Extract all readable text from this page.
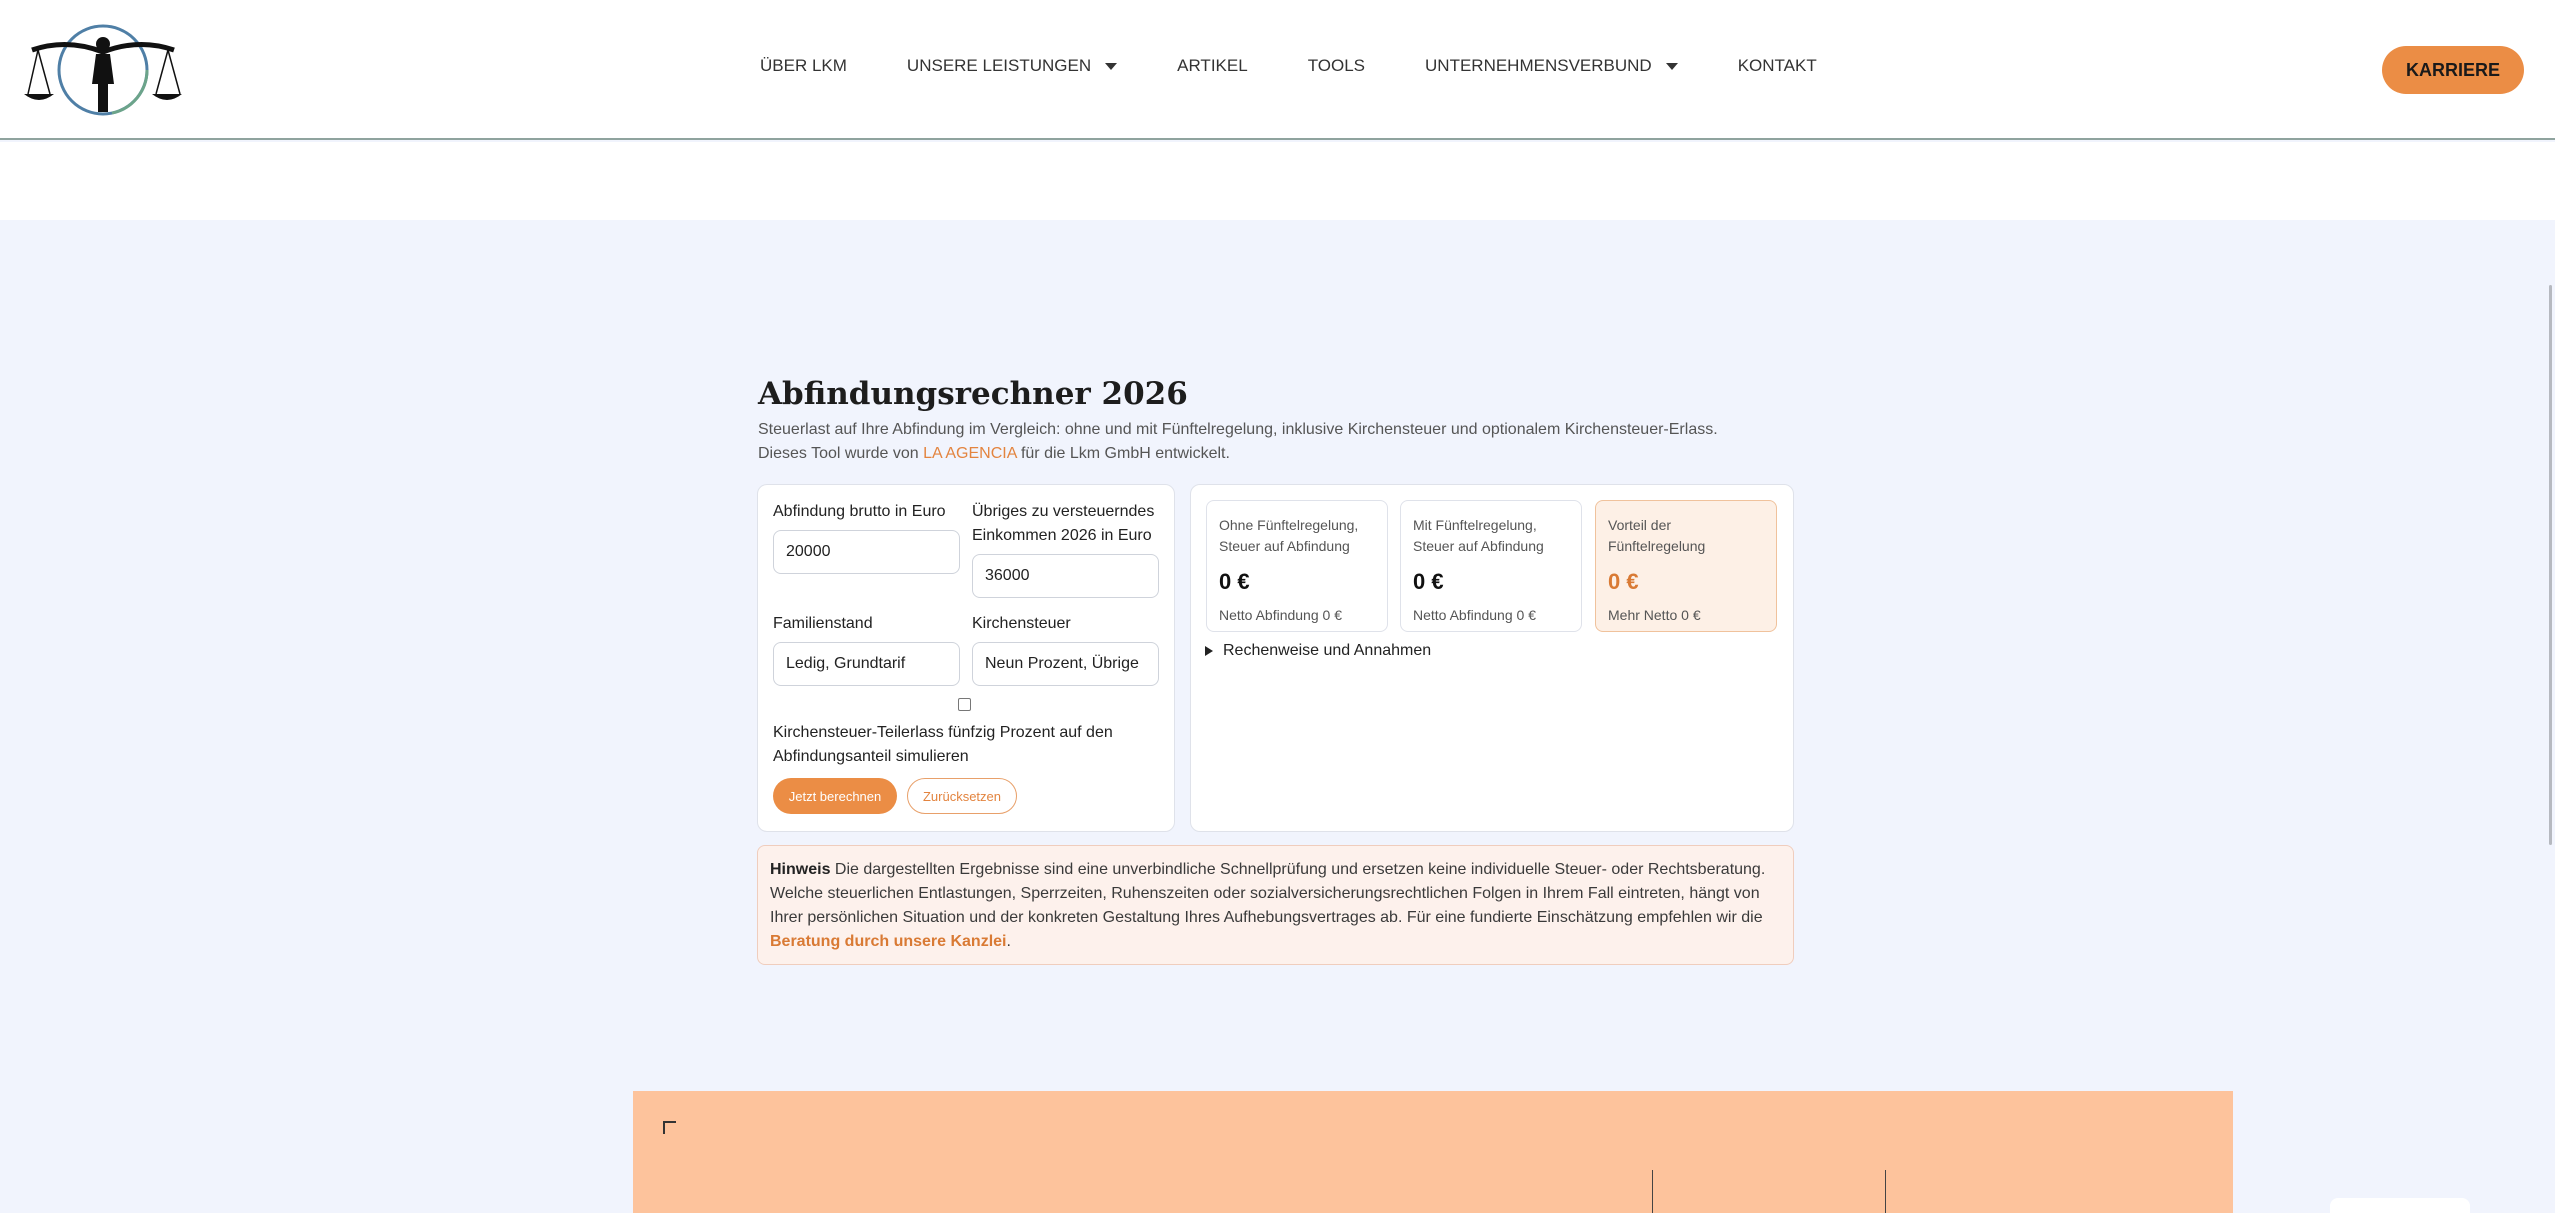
ÜBER LKM	UNSERE LEISTUNGEN	ARTIKEL	TOOLS	UNTERNEHMENSVERBUND	KONTAKT	KARRIERE
Abfindungsrechner 2026
Steuerlast auf Ihre Abfindung im Vergleich: ohne und mit Fünftelregelung, inklusive Kirchensteuer und optionalem Kirchensteuer-Erlass.
Dieses Tool wurde von LA AGENCIA für die Lkm GmbH entwickelt.
Abfindung brutto in Euro
20000
Übriges zu versteuerndes Einkommen 2026 in Euro
36000
Familienstand
Ledig, Grundtarif
Kirchensteuer
Neun Prozent, Übrige
Kirchensteuer-Teilerlass fünfzig Prozent auf den Abfindungsanteil simulieren
Jetzt berechnen	Zurücksetzen
Ohne Fünftelregelung, Steuer auf Abfindung
0 €
Netto Abfindung 0 €
Mit Fünftelregelung, Steuer auf Abfindung
0 €
Netto Abfindung 0 €
Vorteil der Fünftelregelung
0 €
Mehr Netto 0 €
Rechenweise und Annahmen
Hinweis Die dargestellten Ergebnisse sind eine unverbindliche Schnellprüfung und ersetzen keine individuelle Steuer- oder Rechtsberatung. Welche steuerlichen Entlastungen, Sperrzeiten, Ruhenszeiten oder sozialversicherungsrechtlichen Folgen in Ihrem Fall eintreten, hängt von Ihrer persönlichen Situation und der konkreten Gestaltung Ihres Aufhebungsvertrages ab. Für eine fundierte Einschätzung empfehlen wir die Beratung durch unsere Kanzlei.
